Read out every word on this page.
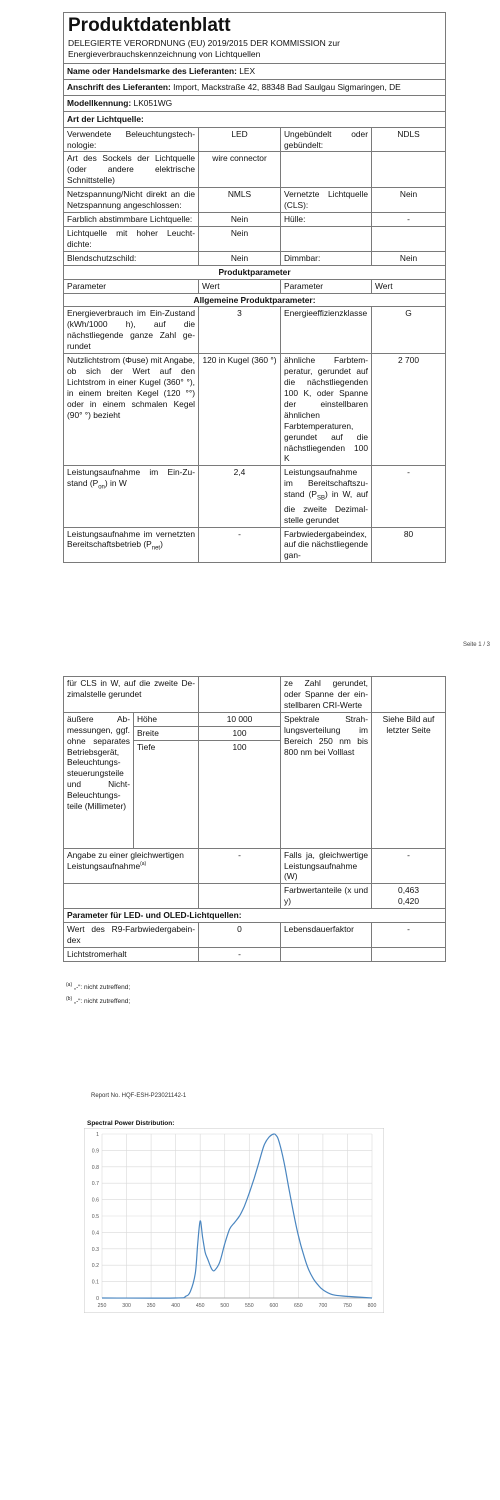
Produktdatenblatt
DELEGIERTE VERORDNUNG (EU) 2019/2015 DER KOMMISSION zur Energieverbrauchskennzeichnung von Lichtquellen			

Name oder Handelsmarke des Lieferanten: LEX			
Anschrift des Lieferanten: Import, Mackstraße 42, 88348 Bad Saulgau Sigmaringen, DE			
Modellkennung: LK051WG			
Art der Lichtquelle:			
Verwendete Beleuchtungstechnologie:	LED	Ungebündelt oder gebündelt:	NDLS
Art des Sockels der Lichtquelle (oder andere elektrische Schnittstelle)	wire connector		
Netzspannung/Nicht direkt an die Netzspannung angeschlossen:	NMLS	Vernetzte Lichtquelle (CLS):	Nein
Farblich abstimmbare Lichtquelle:	Nein	Hülle:	-
Lichtquelle mit hoher Leuchtdichte:	Nein		
Blendschutzschild:	Nein	Dimmbar:	Nein
Produktparameter			
Parameter	Wert	Parameter	Wert
Allgemeine Produktparameter:			
Energieverbrauch im Ein-Zustand (kWh/1000 h), auf die nächstliegende ganze Zahl gerundet	3	Energieeffizienzklasse	G
Nutzlichtstrom (Φuse) mit Angabe, ob sich der Wert auf den Lichtstrom in einer Kugel (360° °), in einem breiten Kegel (120 °°) oder in einem schmalen Kegel (90° °) bezieht	120 in Kugel (360 °)	ähnliche Farbtemperatur, gerundet auf die nächstliegenden 100 K, oder Spanne der einstellbaren ähnlichen Farbtemperaturen, gerundet auf die nächstliegenden 100 K	2 700
Leistungsaufnahme im Ein-Zustand $(P_{on})$ in W	2,4	Leistungsaufnahme im Bereitschaftszustand $(P_{SB})$ in W, auf die zweite Dezimalstelle gerundet	-
Leistungsaufnahme im vernetzten Bereitschaftsbetrieb $(P_{net})$	-	Farbwiedergabeindex, auf die nächstliegende gan-	80
Seite 1 / 3
für CLS in W, auf die zweite Dezimalstelle gerundet			ze Zahl gerundet, oder Spanne der einstellbaren CRI-Werte	
äußere Abmessungen, ggf. ohne separates Betriebsgerät, Beleuchtungssteuerungsteile und Nicht-Beleuchtungsteile (Millimeter)	Höhe	10 000	Spektrale Strahlungsverteilung im Bereich 250 nm bis 800 nm bei Volllast	Siehe Bild auf letzter Seite
	Breite	100		
	Tiefe	100		
Angabe zu einer gleichwertigen Leistungsaufnahme$^{(a)}$		-	Falls ja, gleichwertige Leistungsaufnahme (W)	-
			Farbwertanteile (x und y)	0,463
0,420

Parameter für LED- und OLED-Lichtquellen:				
Wert des R9-Farbwiedergabeindex		0	Lebensdauerfaktor	-
Lichtstromerhalt		-		
$^{(a)}$ „-“: nicht zutreffend;
$^{(b)}$ „-“: nicht zutreffend;
Report No. HQF-ESH-P23021142-1
Spectral Power Distribution:
0
0.1
0.2
0.3
0.4
0.5
0.6
0.7
0.8
0.9
1
250	300	350	400	450	500	550	600	650	700	750	800
